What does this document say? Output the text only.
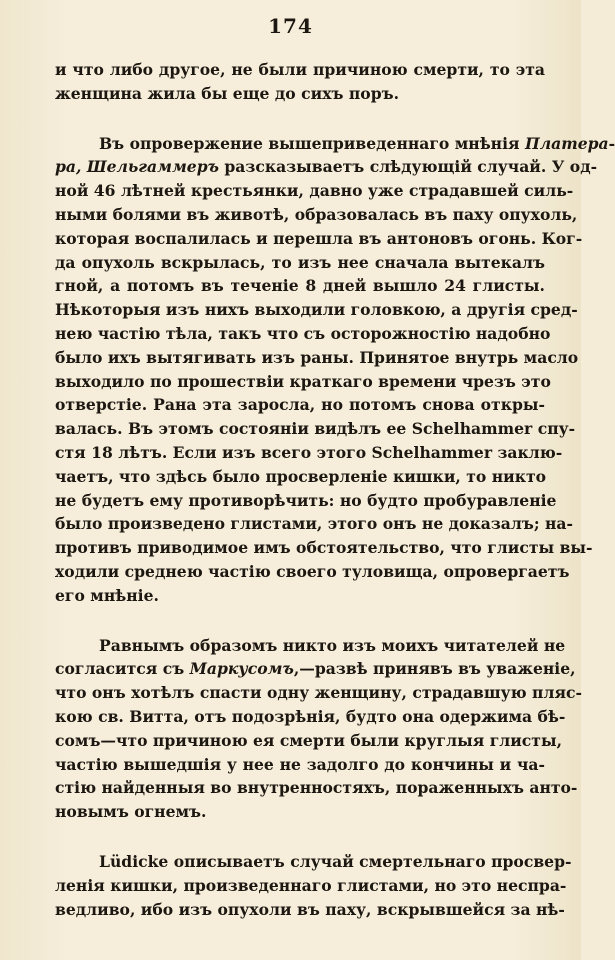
174
и что либо другое, не были причиною смерти, то эта
женщина жила бы еще до сихъ поръ.
Въ опровержение вышеприведеннаго мнѣнія Платера-
ра, Шельгаммеръ разсказываетъ слѣдующій случай. У од-
ной 46 лѣтней крестьянки, давно уже страдавшей силь-
ными болями въ животѣ, образовалась въ паху опухоль,
которая воспалилась и перешла въ антоновъ огонь. Ког-
да опухоль вскрылась, то изъ нее сначала вытекалъ
гной, а потомъ въ теченіе 8 дней вышло 24 глисты.
Нѣкоторыя изъ нихъ выходили головкою, а другія сред-
нею частію тѣла, такъ что съ осторожностію надобно
было ихъ вытягивать изъ раны. Принятое внутрь масло
выходило по прошествіи краткаго времени чрезъ это
отверстіе. Рана эта заросла, но потомъ снова откры-
валась. Въ этомъ состояніи видѣлъ ее Schelhammer спу-
стя 18 лѣтъ. Если изъ всего этого Schelhammer заклю-
чаетъ, что здѣсь было просверленіе кишки, то никто
не будетъ ему противорѣчить: но будто пробуравленіе
было произведено глистами, этого онъ не доказалъ; на-
противъ приводимое имъ обстоятельство, что глисты вы-
ходили среднею частію своего туловища, опровергаетъ
его мнѣніе.
Равнымъ образомъ никто изъ моихъ читателей не
согласится съ Маркусомъ,—развѣ принявъ въ уваженіе,
что онъ хотѣлъ спасти одну женщину, страдавшую пляс-
кою св. Витта, отъ подозрѣнія, будто она одержима бѣ-
сомъ—что причиною ея смерти были круглыя глисты,
частію вышедшія у нее не задолго до кончины и ча-
стію найденныя во внутренностяхъ, пораженныхъ анто-
новымъ огнемъ.
Lüdicke описываетъ случай смертельнаго просвер-
ленія кишки, произведеннаго глистами, но это неспра-
ведливо, ибо изъ опухоли въ паху, вскрывшейся за нѣ-
